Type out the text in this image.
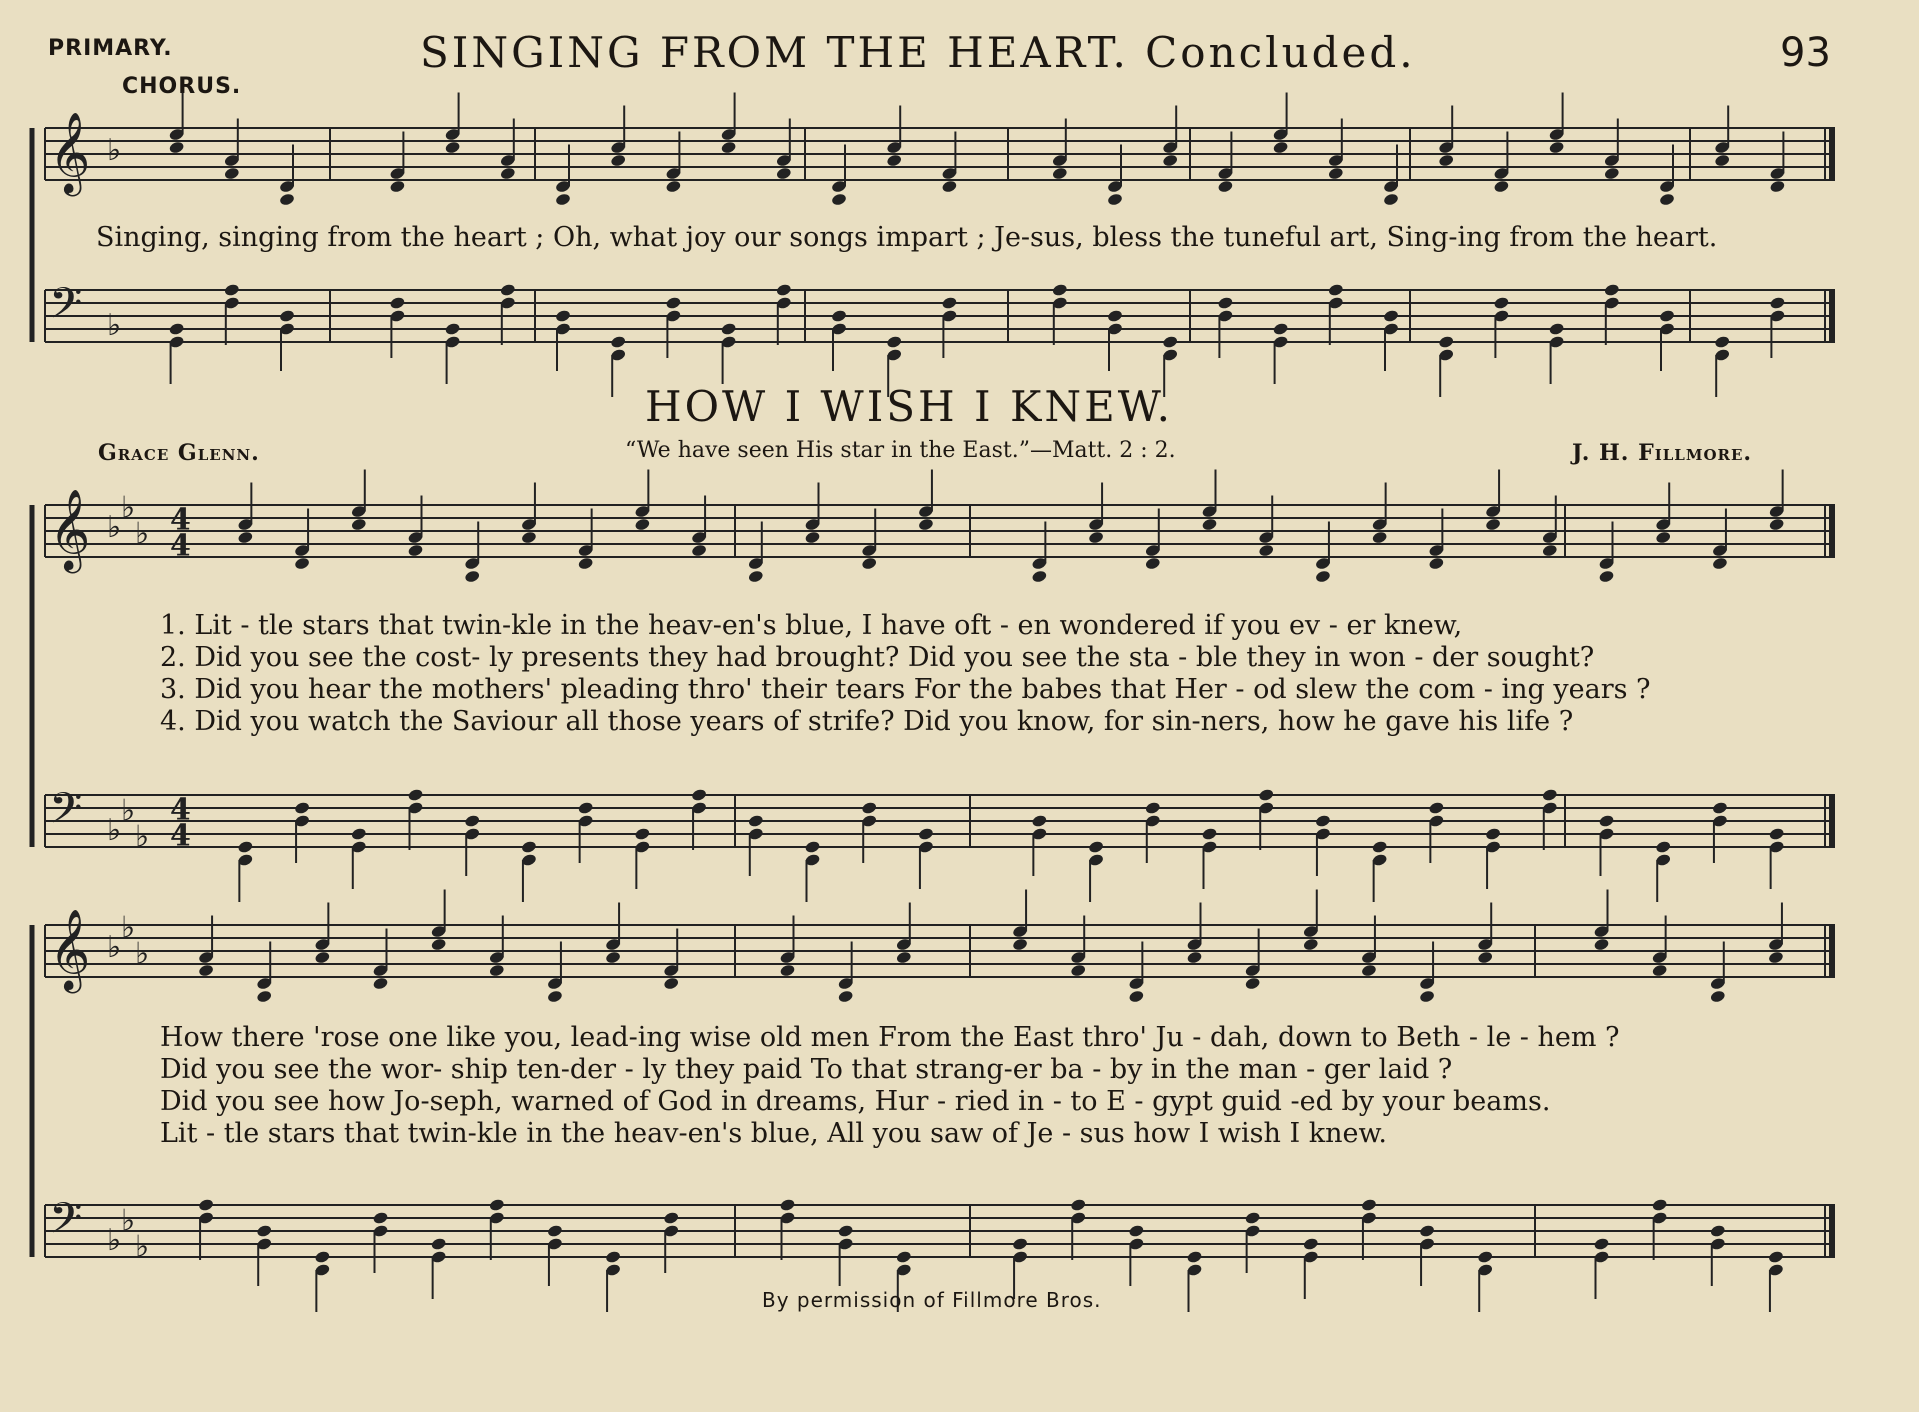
PRIMARY.	SINGING FROM THE HEART. Concluded.	93
CHORUS.
𝄞 ♭
𝄢 ♭
𝄞 ♭
♭
♭
𝄢 ♭
♭
♭
𝄞 ♭
♭
♭
𝄢 ♭
♭
♭
4
4
4
4
Singing, singing from the heart ; Oh, what joy our songs impart ; Je-sus, bless the tuneful art, Sing-ing from the heart.
HOW I WISH I KNEW.
Grace Glenn.	“We have seen His star in the East.”—Matt. 2 : 2.	J. H. Fillmore.
1. Lit - tle stars that twin-kle in the heav-en's blue, I have oft - en wondered if you ev - er knew,
2. Did you see the cost- ly presents they had brought? Did you see the sta - ble they in won - der sought?
3. Did you hear the mothers' pleading thro' their tears For the babes that Her - od slew the com - ing years ?
4. Did you watch the Saviour all those years of strife? Did you know, for sin-ners, how he gave his life ?
How there 'rose one like you, lead-ing wise old men From the East thro' Ju - dah, down to Beth - le - hem ?
Did you see the wor- ship ten-der - ly they paid To that strang-er ba - by in the man - ger laid ?
Did you see how Jo-seph, warned of God in dreams, Hur - ried in - to E - gypt guid -ed by your beams.
Lit - tle stars that twin-kle in the heav-en's blue, All you saw of Je - sus how I wish I knew.
By permission of Fillmore Bros.
